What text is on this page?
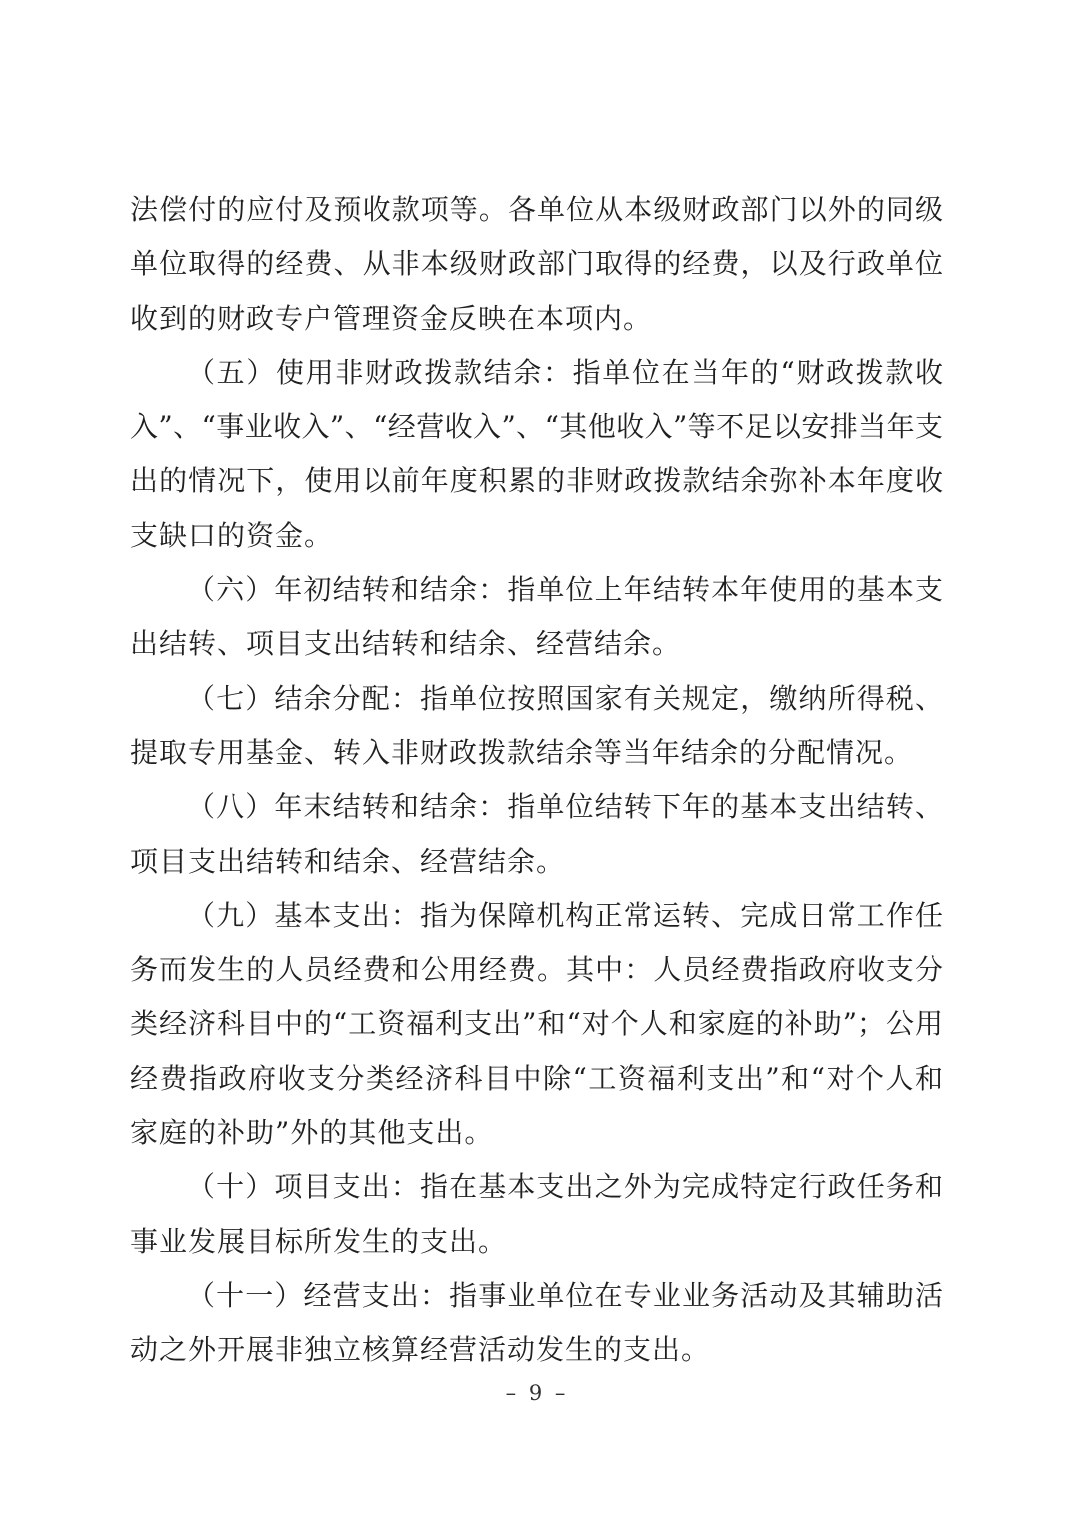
法偿付的应付及预收款项等。各单位从本级财政部门以外的同级
单位取得的经费、从非本级财政部门取得的经费，以及行政单位
收到的财政专户管理资金反映在本项内。
（五）使用非财政拨款结余：指单位在当年的“财政拨款收
入”、“事业收入”、“经营收入”、“其他收入”等不足以安排当年支
出的情况下，使用以前年度积累的非财政拨款结余弥补本年度收
支缺口的资金。
（六）年初结转和结余：指单位上年结转本年使用的基本支
出结转、项目支出结转和结余、经营结余。
（七）结余分配：指单位按照国家有关规定，缴纳所得税、
提取专用基金、转入非财政拨款结余等当年结余的分配情况。
（八）年末结转和结余：指单位结转下年的基本支出结转、
项目支出结转和结余、经营结余。
（九）基本支出：指为保障机构正常运转、完成日常工作任
务而发生的人员经费和公用经费。其中：人员经费指政府收支分
类经济科目中的“工资福利支出”和“对个人和家庭的补助”；公用
经费指政府收支分类经济科目中除“工资福利支出”和“对个人和
家庭的补助”外的其他支出。
（十）项目支出：指在基本支出之外为完成特定行政任务和
事业发展目标所发生的支出。
（十一）经营支出：指事业单位在专业业务活动及其辅助活
动之外开展非独立核算经营活动发生的支出。
– 9 –
